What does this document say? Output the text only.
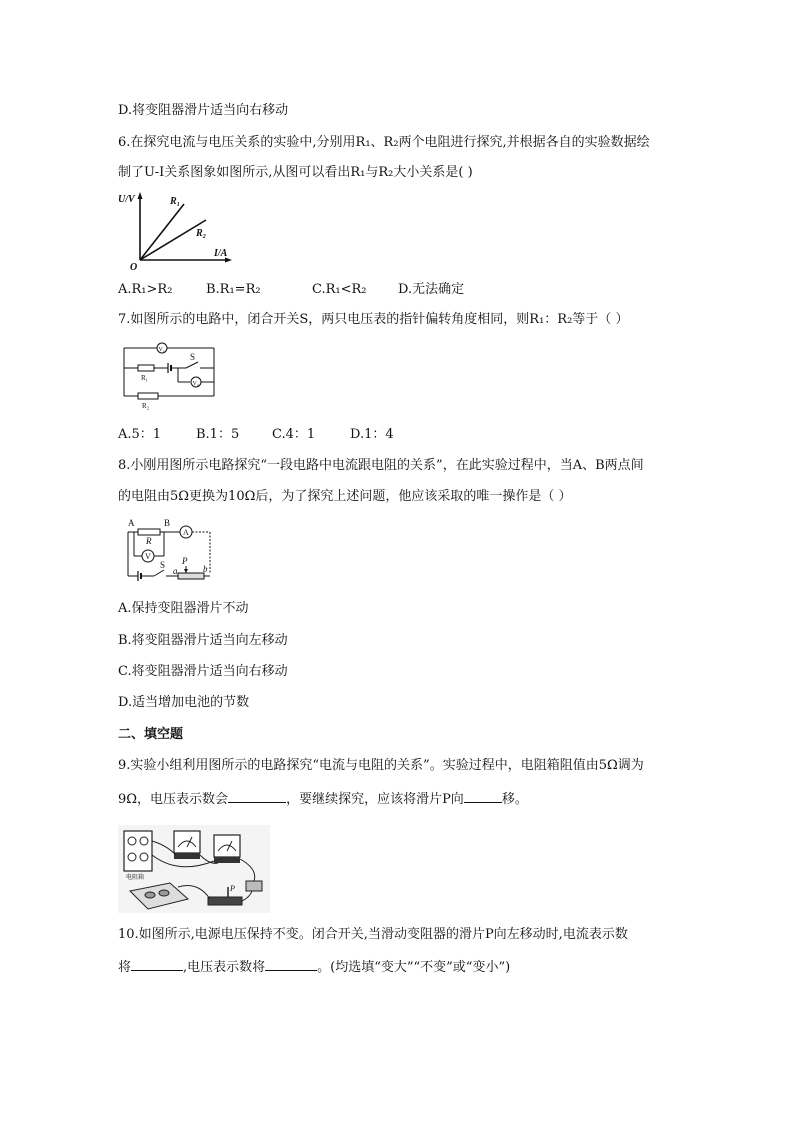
D.将变阻器滑片适当向右移动
6.在探究电流与电压关系的实验中,分别用R₁、R₂两个电阻进行探究,并根据各自的实验数据绘
制了U-I关系图象如图所示,从图可以看出R₁与R₂大小关系是( )
U/V
I/A
O
R₁
R₂
A.R₁>R₂	B.R₁=R₂	C.R₁<R₂ D.无法确定
7.如图所示的电路中，闭合开关S，两只电压表的指针偏转角度相同，则R₁：R₂等于（ ）
V₁
S
R₁
V₂
R₂
A.5：1	B.1：5	C.4：1	D.1：4
8.小刚用图所示电路探究“一段电路中电流跟电阻的关系”，在此实验过程中，当A、B两点间
的电阻由5Ω更换为10Ω后，为了探究上述问题，他应该采取的唯一操作是（ ）
A	B
R
A
V
S P
a	b
A.保持变阻器滑片不动
B.将变阻器滑片适当向左移动
C.将变阻器滑片适当向右移动
D.适当增加电池的节数
二、填空题
9.实验小组利用图所示的电路探究“电流与电阻的关系”。实验过程中，电阻箱阻值由5Ω调为
9Ω，电压表示数会	，要继续探究，应该将滑片P向	移。
电阻箱
P
10.如图所示,电源电压保持不变。闭合开关,当滑动变阻器的滑片P向左移动时,电流表示数
将	,电压表示数将	。(均选填“变大”“不变”或“变小”)
